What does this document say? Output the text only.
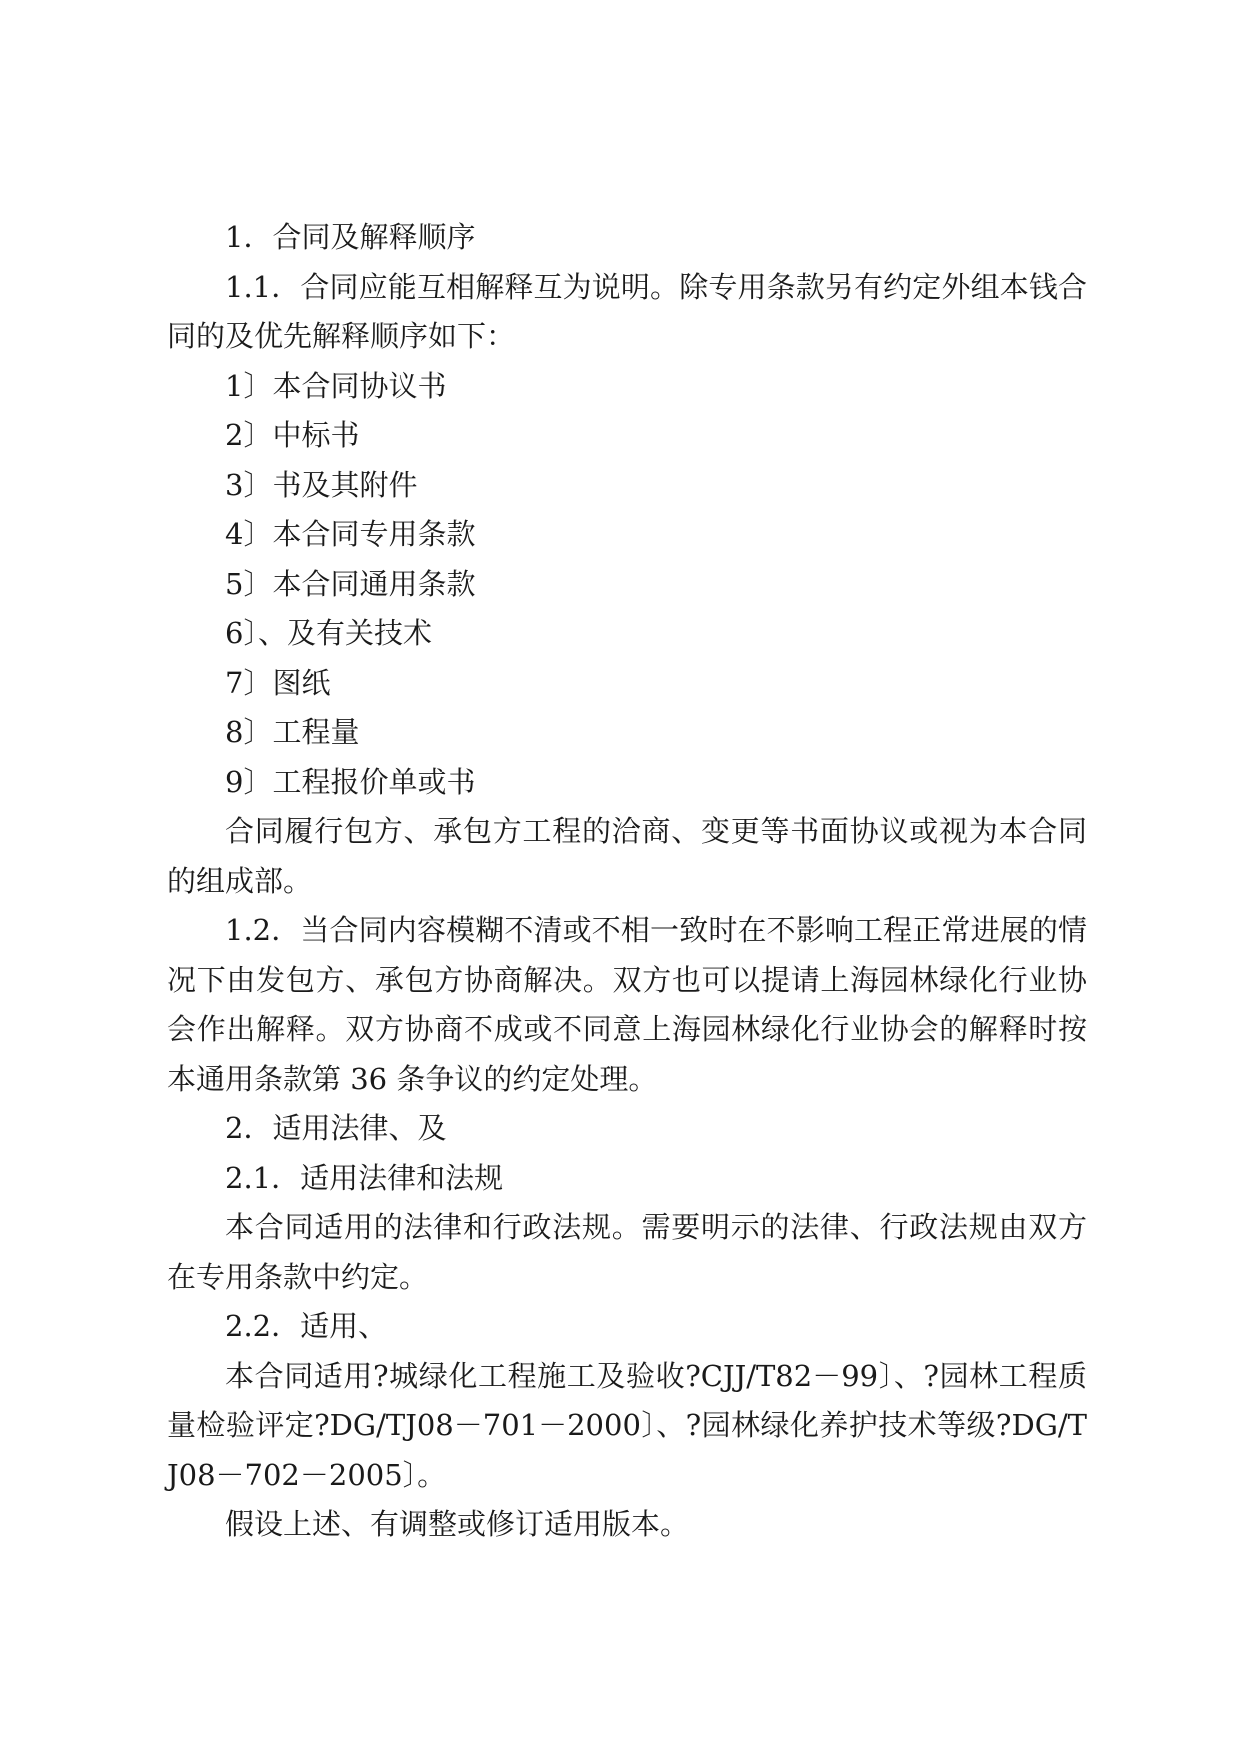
1．合同及解释顺序

1.1．合同应能互相解释互为说明。除专用条款另有约定外组本钱合同的及优先解释顺序如下：

1〕本合同协议书

2〕中标书

3〕书及其附件

4〕本合同专用条款

5〕本合同通用条款

6〕、及有关技术

7〕图纸

8〕工程量

9〕工程报价单或书

合同履行包方、承包方工程的洽商、变更等书面协议或视为本合同的组成部。

1.2．当合同内容模糊不清或不相一致时在不影响工程正常进展的情况下由发包方、承包方协商解决。双方也可以提请上海园林绿化行业协会作出解释。双方协商不成或不同意上海园林绿化行业协会的解释时按本通用条款第 36 条争议的约定处理。

2．适用法律、及

2.1．适用法律和法规

本合同适用的法律和行政法规。需要明示的法律、行政法规由双方在专用条款中约定。

2.2．适用、

本合同适用?城绿化工程施工及验收?CJJ/T82－99〕、?园林工程质量检验评定?DG/TJ08－701－2000〕、?园林绿化养护技术等级?DG/TJ08－702－2005〕。

假设上述、有调整或修订适用版本。
